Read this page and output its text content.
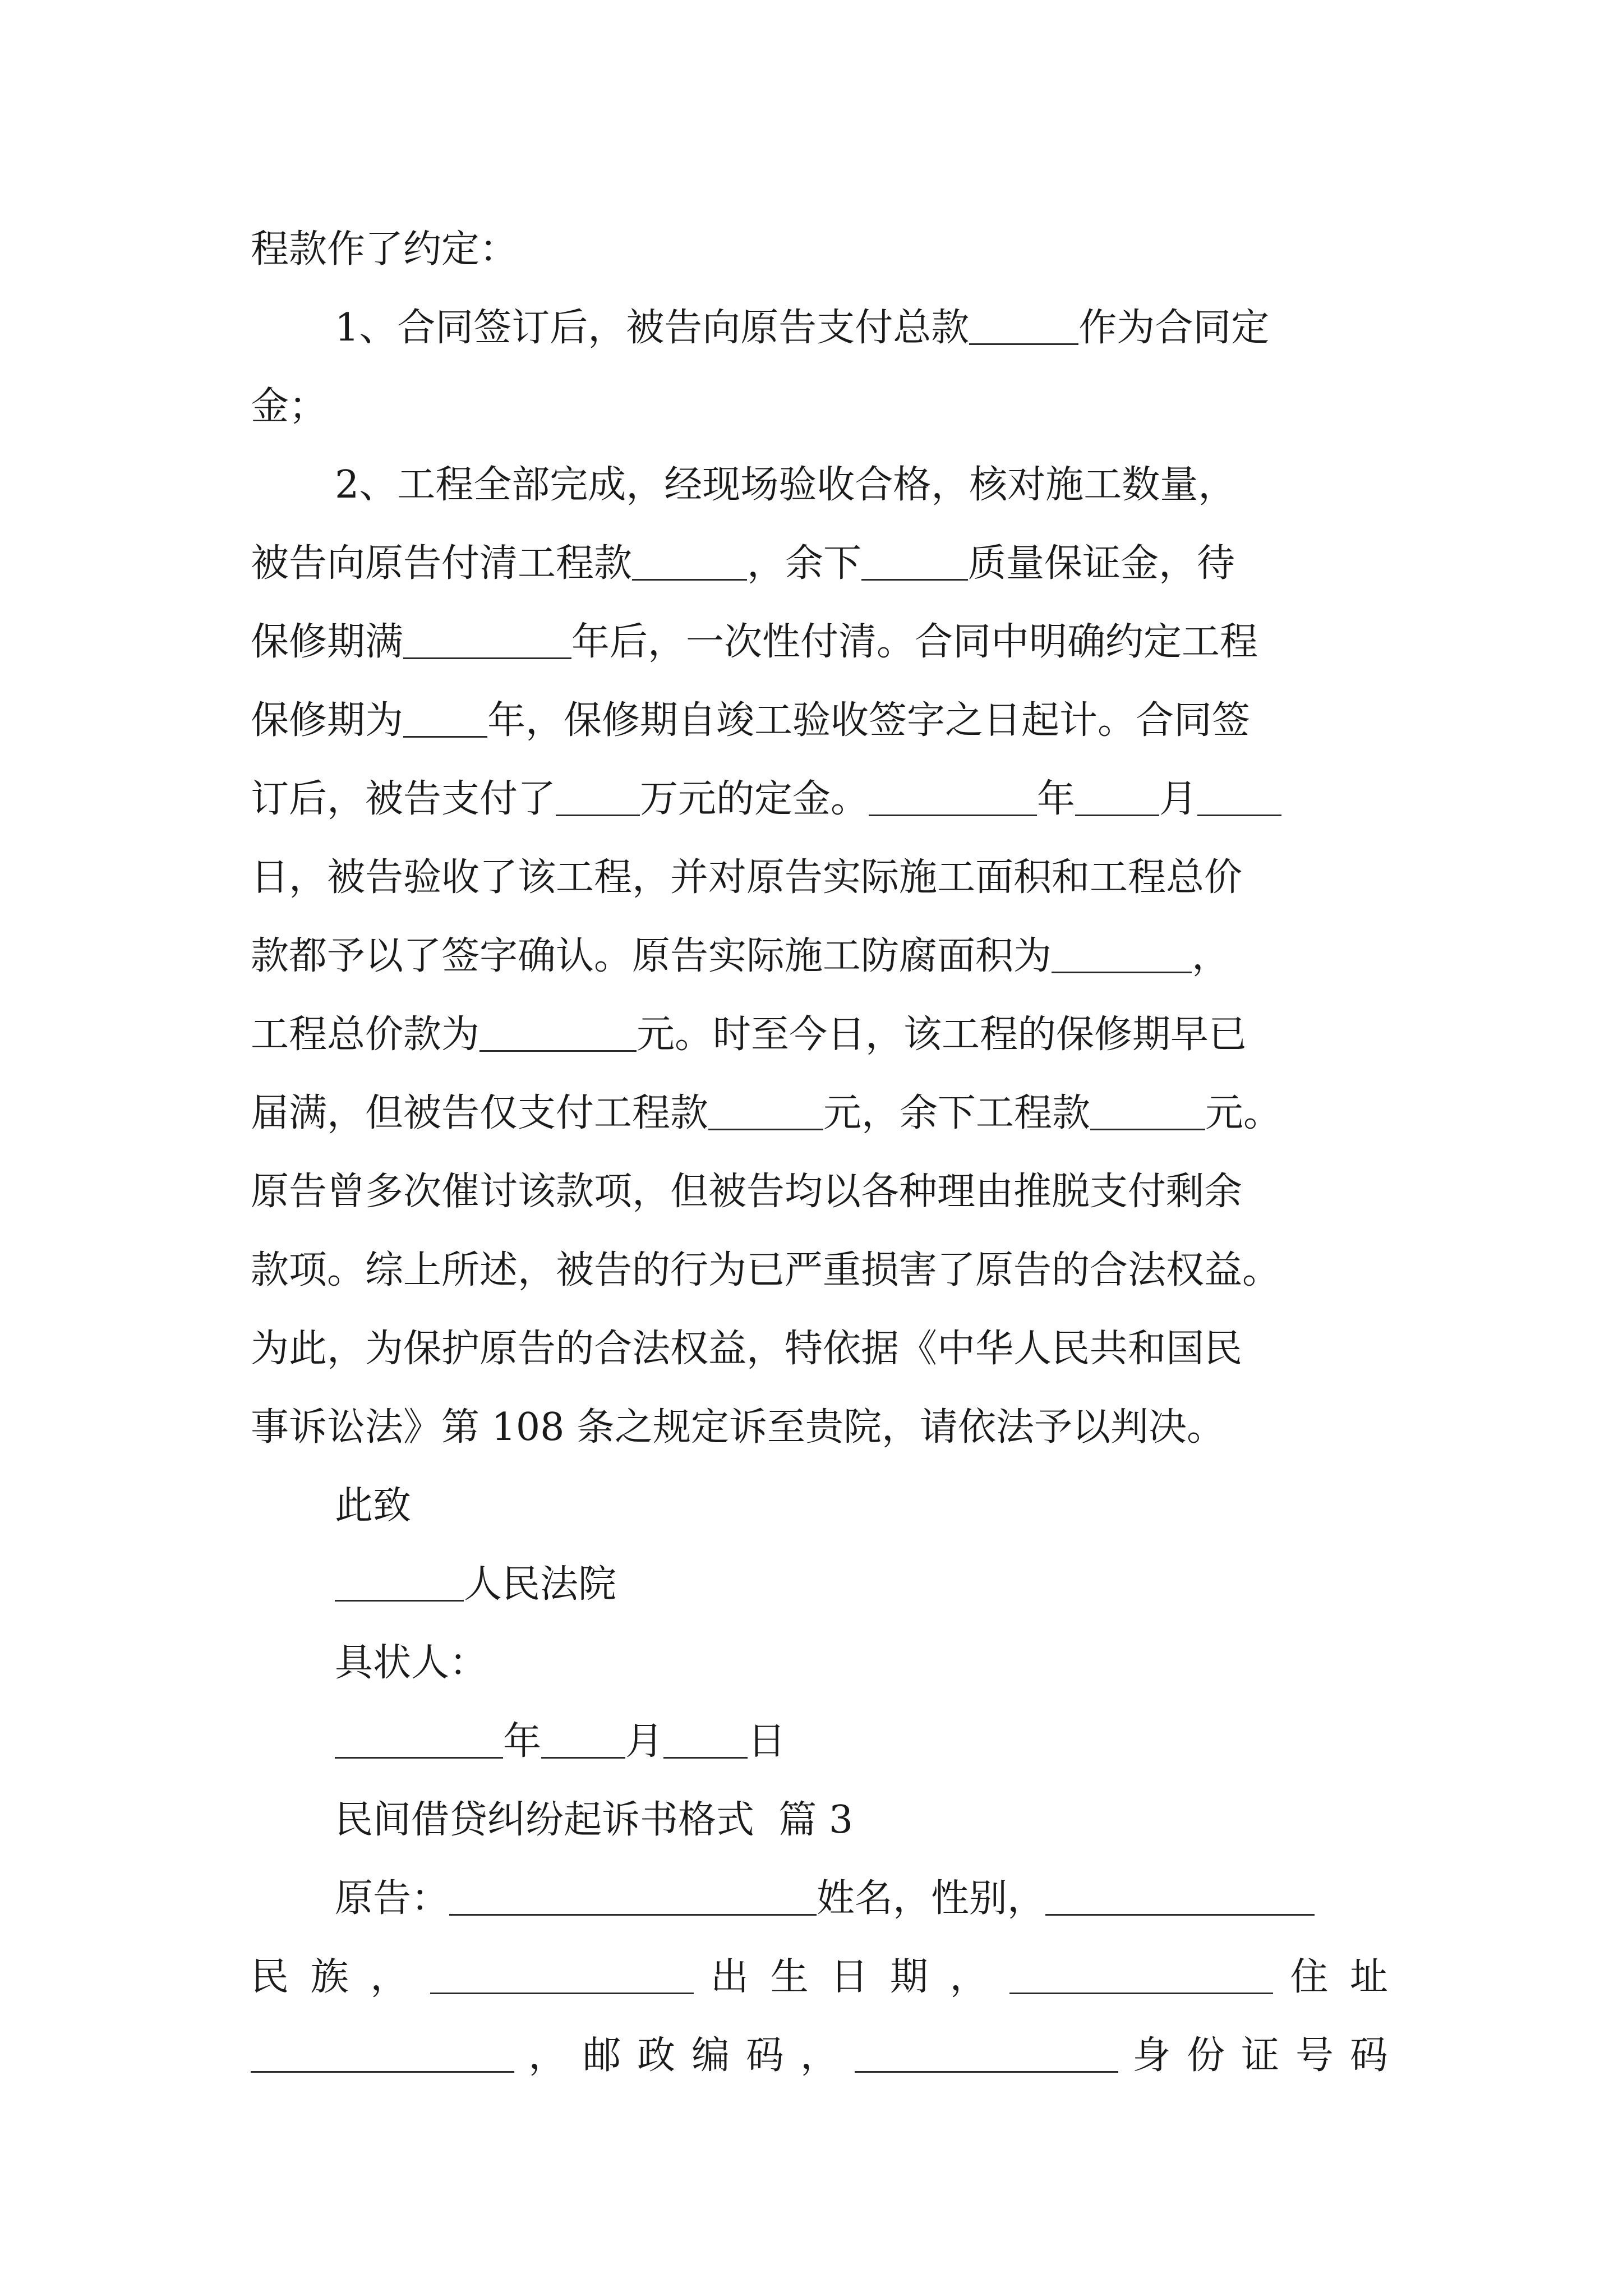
程款作了约定：
1、合同签订后，被告向原告支付总款	作为合同定
金；
2、工程全部完成，经现场验收合格，核对施工数量，
被告向原告付清工程款	，余下	质量保证金，待
保修期满	年后，一次性付清。合同中明确约定工程
保修期为 年，保修期自竣工验收签字之日起计。合同签
订后，被告支付了 万元的定金。	年 月
日，被告验收了该工程，并对原告实际施工面积和工程总价
款都予以了签字确认。原告实际施工防腐面积为	，
工程总价款为	元。时至今日，该工程的保修期早已
届满，但被告仅支付工程款	元，余下工程款	元。
原告曾多次催讨该款项，但被告均以各种理由推脱支付剩余
款项。综上所述，被告的行为已严重损害了原告的合法权益。
为此，为保护原告的合法权益，特依据《中华人民共和国民
事诉讼法》第 108 条之规定诉至贵院，请依法予以判决。
此致
人民法院
具状人：
年 月 日
民间借贷纠纷起诉书格式  篇 3
原告：	姓名，性别，
民 族 ，	出 生 日 期 ，	住 址
， 邮 政 编 码 ，	身 份 证 号 码
